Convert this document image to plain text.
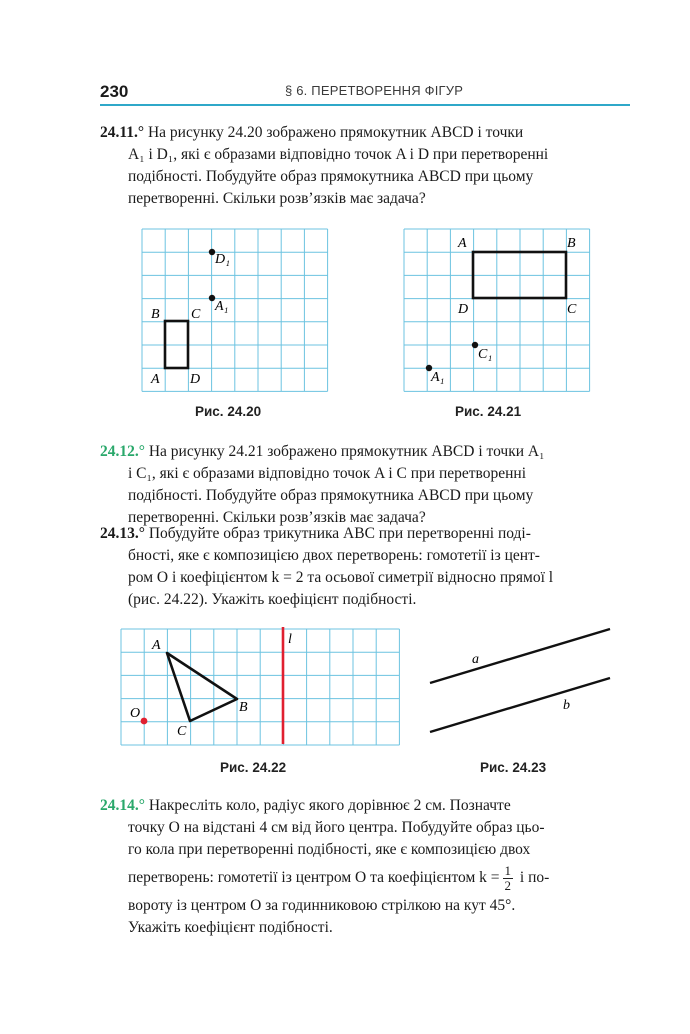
230	§ 6. ПЕРЕТВОРЕННЯ ФІГУР
24.11.° На рисунку 24.20 зображено прямокутник ABCD і точки
A₁ і D₁, які є образами відповідно точок A і D при перетворенні
подібності. Побудуйте образ прямокутника ABCD при цьому
перетворенні. Скільки розв’язків має задача?
B C
A D
D₁
A₁
Рис. 24.20
A	B
D	C
C₁
A₁
Рис. 24.21
24.12.° На рисунку 24.21 зображено прямокутник ABCD і точки A₁
і C₁, які є образами відповідно точок A і C при перетворенні
подібності. Побудуйте образ прямокутника ABCD при цьому
перетворенні. Скільки розв’язків має задача?
24.13.° Побудуйте образ трикутника ABC при перетворенні поді-
бності, яке є композицією двох перетворень: гомотетії із цент-
ром O і коефіцієнтом k = 2 та осьової симетрії відносно прямої l
(рис. 24.22). Укажіть коефіцієнт подібності.
A
B
C
O
l
Рис. 24.22
a
b
Рис. 24.23
24.14.° Накресліть коло, радіус якого дорівнює 2 см. Позначте
точку O на відстані 4 см від його центра. Побудуйте образ цьо-
го кола при перетворенні подібності, яке є композицією двох
перетворень: гомотетії із центром O та коефіцієнтом $k = \frac{1}{2}$ і по-
вороту із центром O за годинниковою стрілкою на кут 45°.
Укажіть коефіцієнт подібності.
